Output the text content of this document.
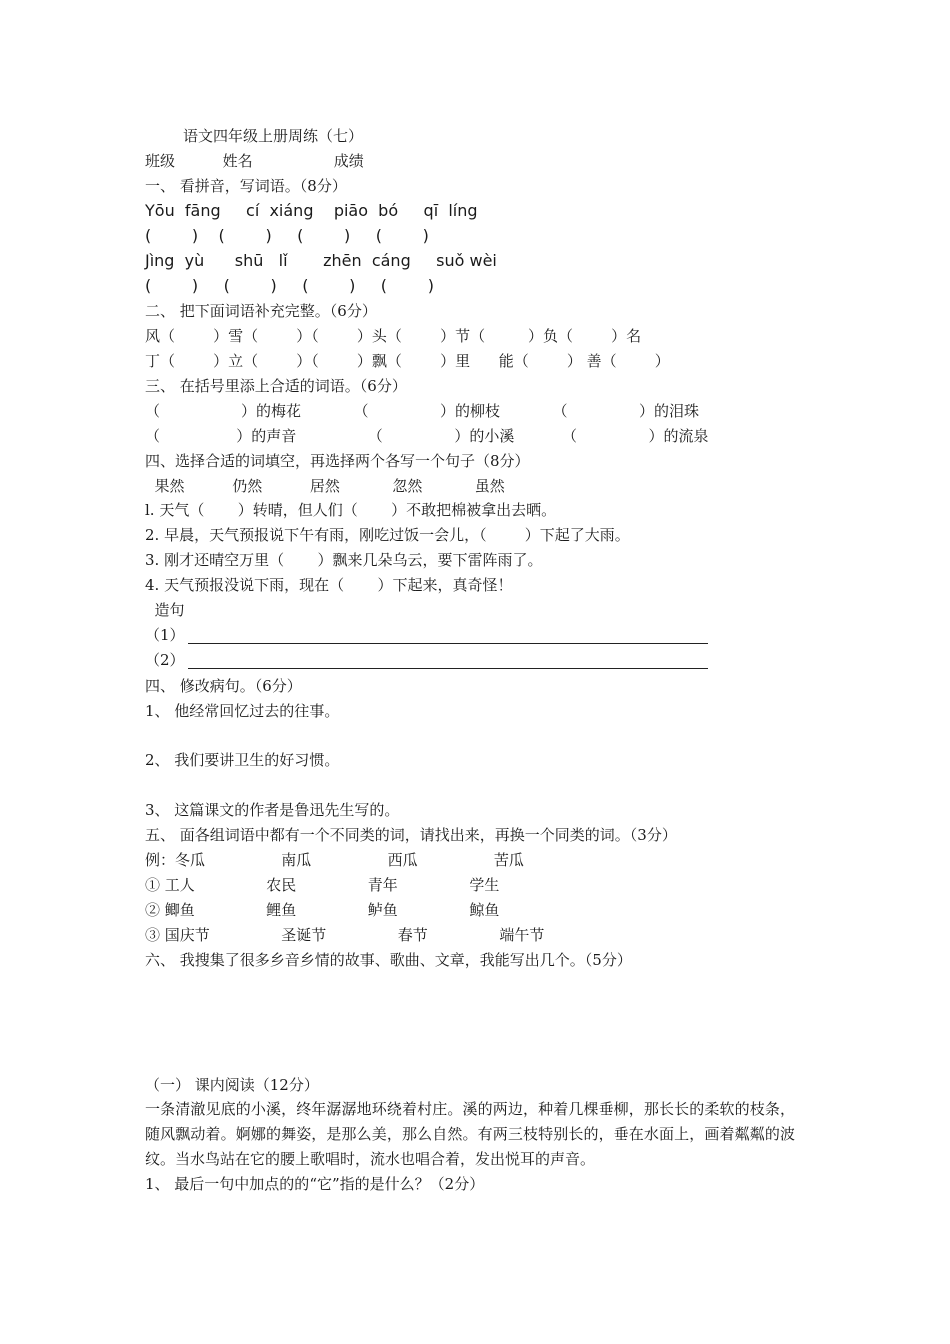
语文四年级上册周练（七）
班级          姓名                 成绩
一、 看拼音，写词语。（8分）
Yōu  fāng     cí  xiáng    piāo  bó     qī  líng
(        )    (        )     (        )     (        )
Jìng  yù      shū   lǐ       zhēn  cáng     suǒ wèi
(        )     (        )     (        )     (        )
二、 把下面词语补充完整。（6分）
风（        ）雪（        ）（        ）头（        ）节（         ）负（        ）名
丁（        ）立（        ）（        ）飘（        ）里      能（        ） 善（        ）
三、 在括号里添上合适的词语。（6分）
（                 ）的梅花           （               ）的柳枝           （               ）的泪珠
（                ）的声音               （               ）的小溪          （               ）的流泉
四、选择合适的词填空，再选择两个各写一个句子（8分）
果然          仍然          居然           忽然           虽然
l. 天气（       ）转晴，但人们（       ）不敢把棉被拿出去晒。
2. 早晨，天气预报说下午有雨，刚吃过饭一会儿，（        ）下起了大雨。
3. 刚才还晴空万里（       ）飘来几朵乌云，要下雷阵雨了。
4. 天气预报没说下雨，现在（       ）下起来，真奇怪！
造句
（1）
（2）
四、 修改病句。（6分）
1、 他经常回忆过去的往事。
2、 我们要讲卫生的好习惯。
3、 这篇课文的作者是鲁迅先生写的。
五、 面各组词语中都有一个不同类的词，请找出来，再换一个同类的词。（3分）
例：冬瓜                南瓜                西瓜                苦瓜
① 工人               农民               青年               学生
② 鲫鱼               鲤鱼               鲈鱼               鲸鱼
③ 国庆节               圣诞节               春节               端午节
六、 我搜集了很多乡音乡情的故事、歌曲、文章，我能写出几个。（5分）
（一） 课内阅读（12分）
一条清澈见底的小溪，终年潺潺地环绕着村庄。溪的两边，种着几棵垂柳，那长长的柔软的枝条，随风飘动着。婀娜的舞姿，是那么美，那么自然。有两三枝特别长的，垂在水面上，画着粼粼的波纹。当水鸟站在它的腰上歌唱时，流水也唱合着，发出悦耳的声音。
1、 最后一句中加点的的“它”指的是什么？（2分）
